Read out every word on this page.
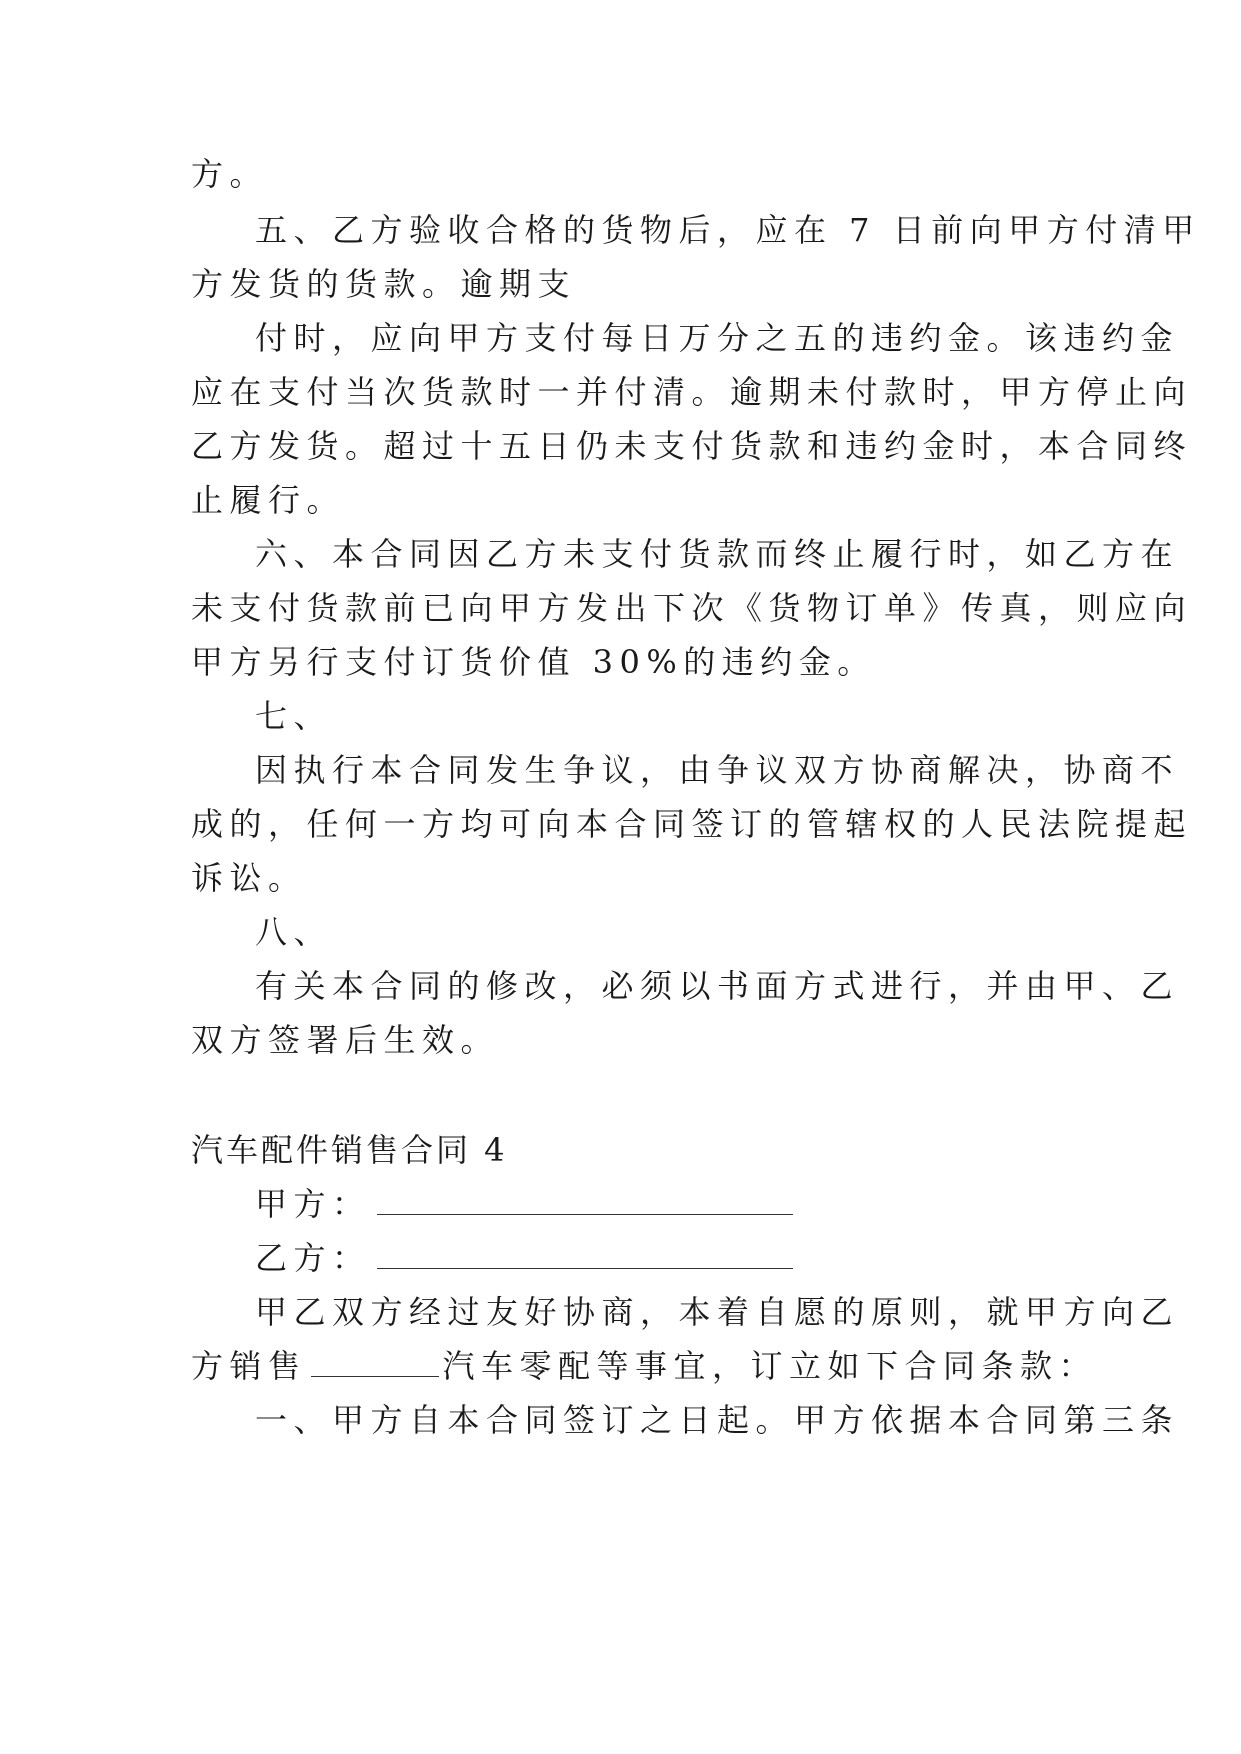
方。
五、乙方验收合格的货物后，应在 7 日前向甲方付清甲
方发货的货款。逾期支
付时，应向甲方支付每日万分之五的违约金。该违约金
应在支付当次货款时一并付清。逾期未付款时，甲方停止向
乙方发货。超过十五日仍未支付货款和违约金时，本合同终
止履行。
六、本合同因乙方未支付货款而终止履行时，如乙方在
未支付货款前已向甲方发出下次《货物订单》传真，则应向
甲方另行支付订货价值 30%的违约金。
七、
因执行本合同发生争议，由争议双方协商解决，协商不
成的，任何一方均可向本合同签订的管辖权的人民法院提起
诉讼。
八、
有关本合同的修改，必须以书面方式进行，并由甲、乙
双方签署后生效。
汽车配件销售合同 4
甲方：
乙方：
甲乙双方经过友好协商，本着自愿的原则，就甲方向乙
方销售	汽车零配等事宜，订立如下合同条款：
一、甲方自本合同签订之日起。甲方依据本合同第三条
